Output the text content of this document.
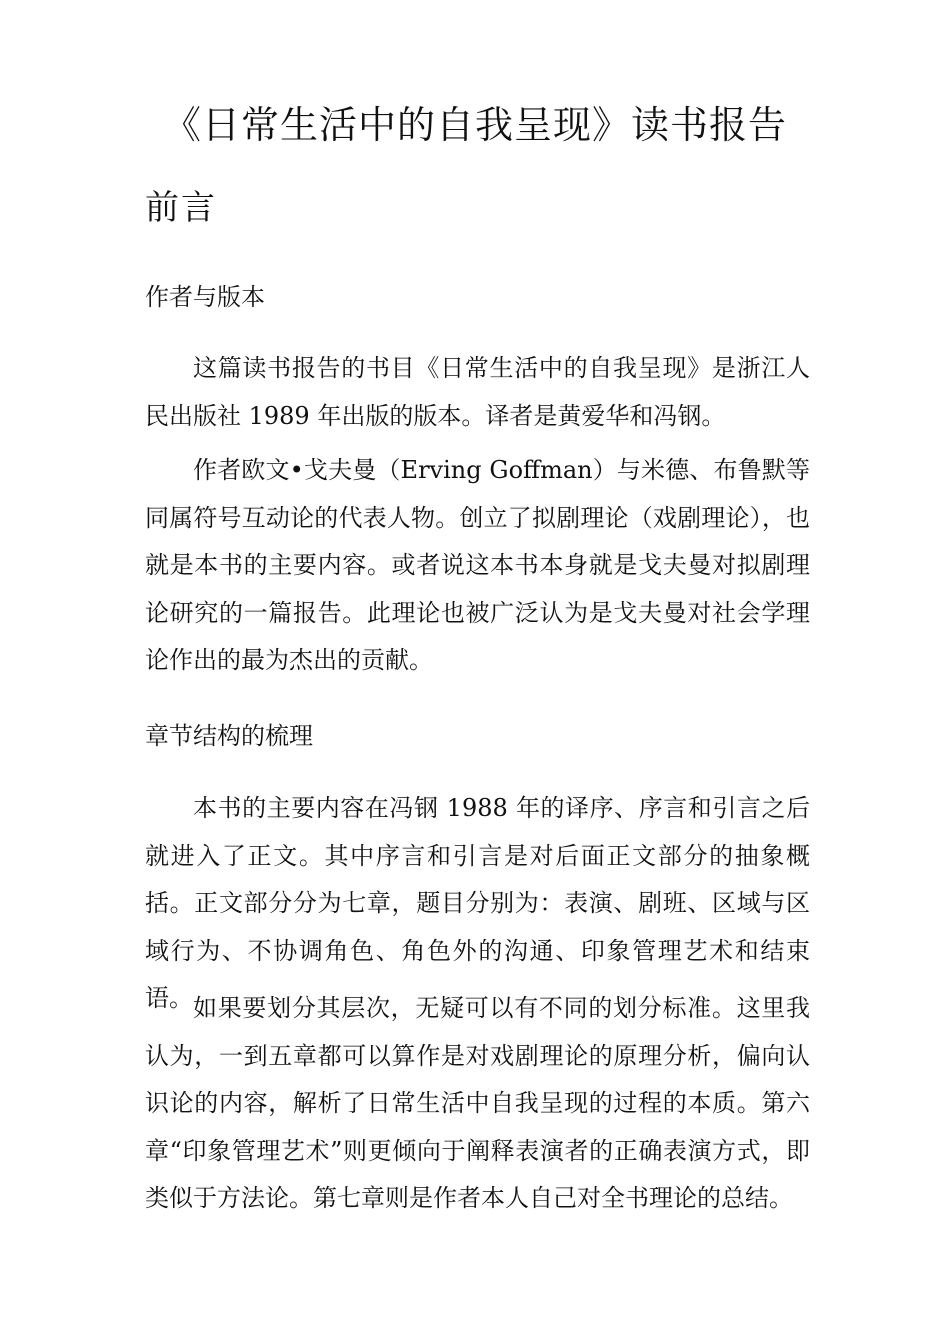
《日常生活中的自我呈现》读书报告
前言
作者与版本
这篇读书报告的书目《日常生活中的自我呈现》是浙江人民出版社 1989 年出版的版本。译者是黄爱华和冯钢。
作者欧文•戈夫曼（Erving Goffman）与米德、布鲁默等同属符号互动论的代表人物。创立了拟剧理论（戏剧理论），也就是本书的主要内容。或者说这本书本身就是戈夫曼对拟剧理论研究的一篇报告。此理论也被广泛认为是戈夫曼对社会学理论作出的最为杰出的贡献。
章节结构的梳理
本书的主要内容在冯钢 1988 年的译序、序言和引言之后就进入了正文。其中序言和引言是对后面正文部分的抽象概括。正文部分分为七章，题目分别为：表演、剧班、区域与区域行为、不协调角色、角色外的沟通、印象管理艺术和结束语。 如果要划分其层次，无疑可以有不同的划分标准。这里我认为，一到五章都可以算作是对戏剧理论的原理分析，偏向认识论的内容，解析了日常生活中自我呈现的过程的本质。第六章“印象管理艺术”则更倾向于阐释表演者的正确表演方式，即类似于方法论。第七章则是作者本人自己对全书理论的总结。
